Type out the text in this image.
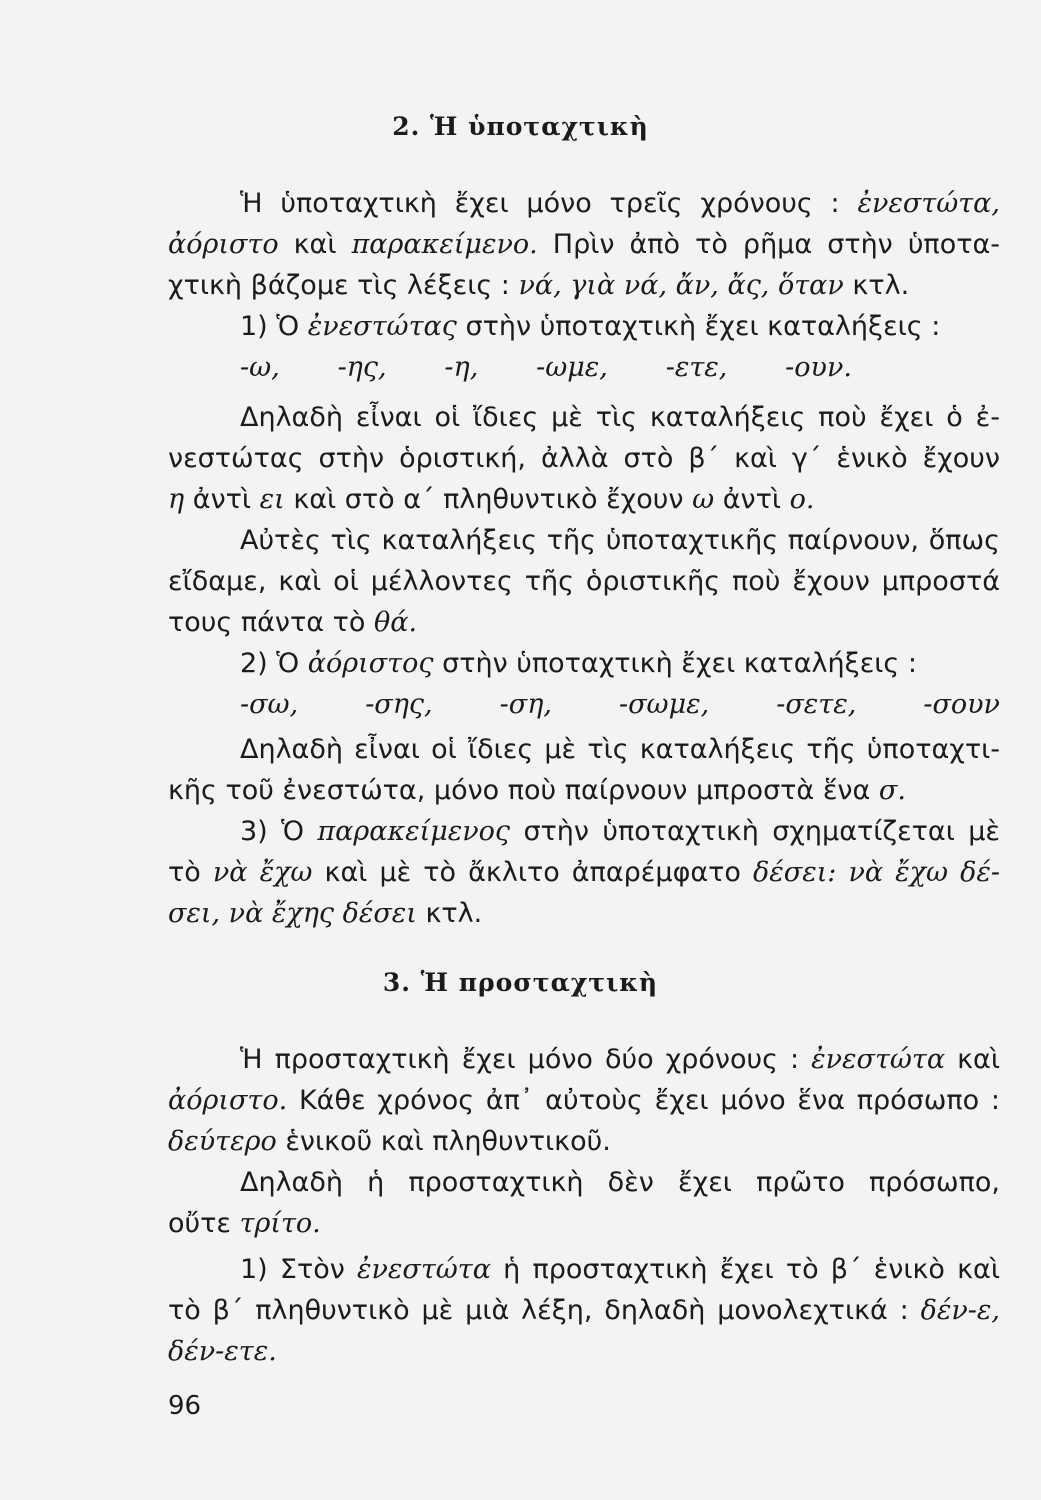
2. Ἡ ὑποταχτικὴ
Ἡ ὑποταχτικὴ ἔχει μόνο τρεῖς χρόνους : ἐνεστώτα,
ἀόριστο καὶ παρακείμενο. Πρὶν ἀπὸ τὸ ρῆμα στὴν ὑποτα-
χτικὴ βάζομε τὶς λέξεις : νά, γιὰ νά, ἄν, ἄς, ὅταν κτλ.
1) Ὁ ἐνεστώτας στὴν ὑποταχτικὴ ἔχει καταλήξεις :
-ω, -ης, -η, -ωμε, -ετε, -ουν.
Δηλαδὴ εἶναι οἱ ἴδιες μὲ τὶς καταλήξεις ποὺ ἔχει ὁ ἐ-
νεστώτας στὴν ὁριστική, ἀλλὰ στὸ β΄ καὶ γ΄ ἑνικὸ ἔχουν
η ἀντὶ ει καὶ στὸ α΄ πληθυντικὸ ἔχουν ω ἀντὶ ο.
Αὐτὲς τὶς καταλήξεις τῆς ὑποταχτικῆς παίρνουν, ὅπως
εἴδαμε, καὶ οἱ μέλλοντες τῆς ὁριστικῆς ποὺ ἔχουν μπροστά
τους πάντα τὸ θά.
2) Ὁ ἀόριστος στὴν ὑποταχτικὴ ἔχει καταλήξεις :
-σω, -σης, -ση, -σωμε, -σετε, -σουν
Δηλαδὴ εἶναι οἱ ἴδιες μὲ τὶς καταλήξεις τῆς ὑποταχτι-
κῆς τοῦ ἐνεστώτα, μόνο ποὺ παίρνουν μπροστὰ ἕνα σ.
3) Ὁ παρακείμενος στὴν ὑποταχτικὴ σχηματίζεται μὲ
τὸ νὰ ἔχω καὶ μὲ τὸ ἄκλιτο ἀπαρέμφατο δέσει: νὰ ἔχω δέ-
σει, νὰ ἔχης δέσει κτλ.
3. Ἡ προσταχτικὴ
Ἡ προσταχτικὴ ἔχει μόνο δύο χρόνους : ἐνεστώτα καὶ
ἀόριστο. Κάθε χρόνος ἀπ᾽ αὐτοὺς ἔχει μόνο ἕνα πρόσωπο :
δεύτερο ἑνικοῦ καὶ πληθυντικοῦ.
Δηλαδὴ ἡ προσταχτικὴ δὲν ἔχει πρῶτο πρόσωπο,
οὔτε τρίτο.
1) Στὸν ἐνεστώτα ἡ προσταχτικὴ ἔχει τὸ β΄ ἑνικὸ καὶ
τὸ β΄ πληθυντικὸ μὲ μιὰ λέξη, δηλαδὴ μονολεχτικά : δέν-ε,
δέν-ετε.
96
